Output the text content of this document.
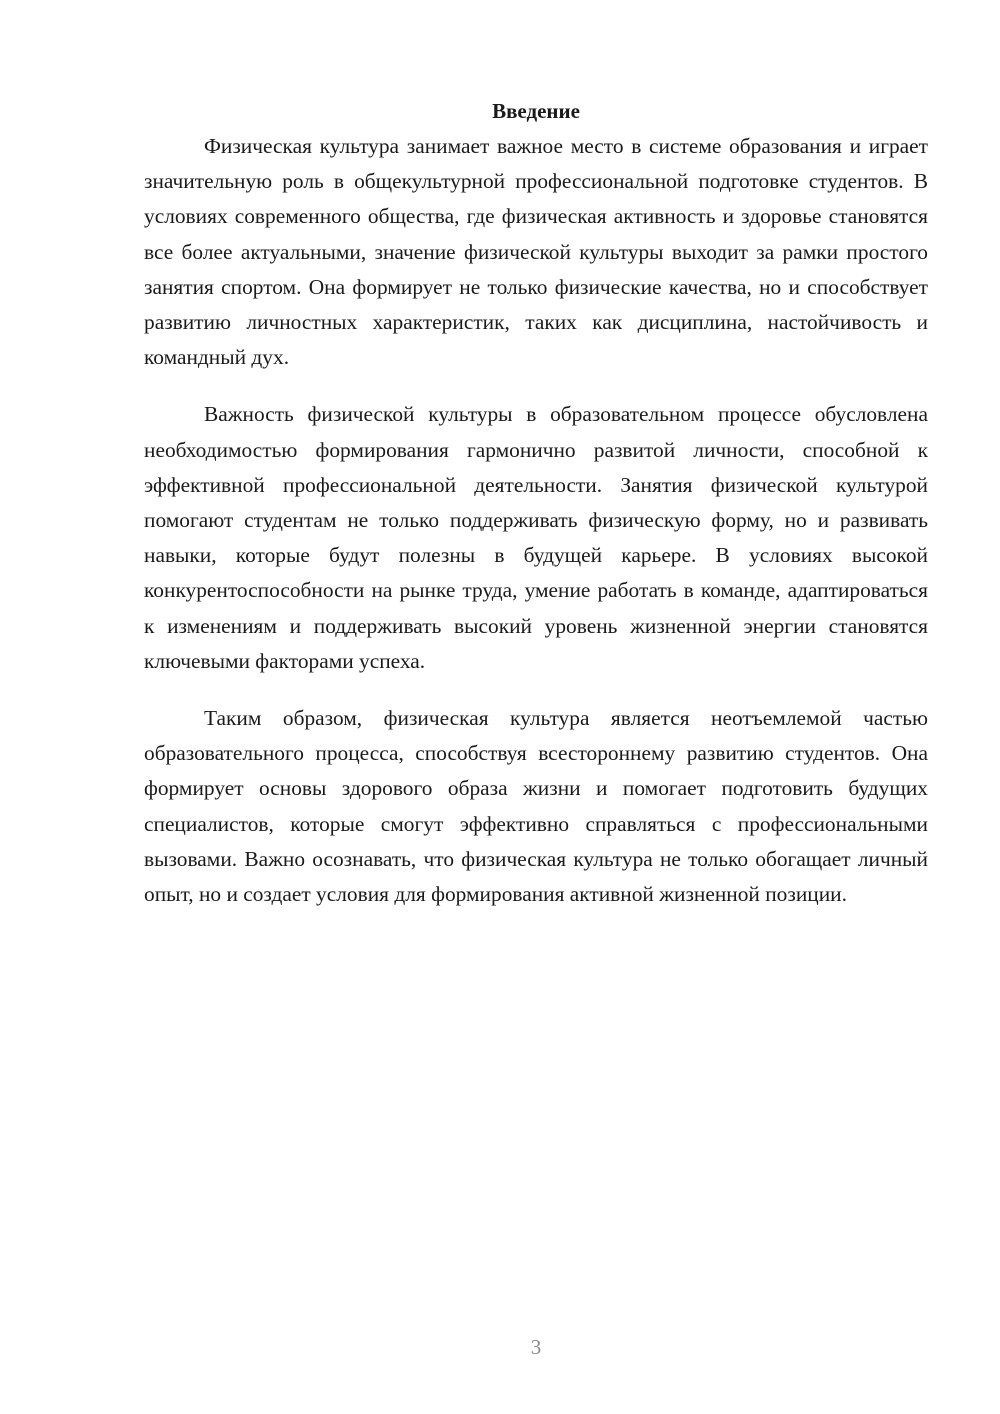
Введение

Физическая культура занимает важное место в системе образования и играет значительную роль в общекультурной профессиональной подготовке студентов. В условиях современного общества, где физическая активность и здоровье становятся все более актуальными, значение физической культуры выходит за рамки простого занятия спортом. Она формирует не только физические качества, но и способствует развитию личностных характеристик, таких как дисциплина, настойчивость и командный дух.

Важность физической культуры в образовательном процессе обусловлена необходимостью формирования гармонично развитой личности, способной к эффективной профессиональной деятельности. Занятия физической культурой помогают студентам не только поддерживать физическую форму, но и развивать навыки, которые будут полезны в будущей карьере. В условиях высокой конкурентоспособности на рынке труда, умение работать в команде, адаптироваться к изменениям и поддерживать высокий уровень жизненной энергии становятся ключевыми факторами успеха.

Таким образом, физическая культура является неотъемлемой частью образовательного процесса, способствуя всестороннему развитию студентов. Она формирует основы здорового образа жизни и помогает подготовить будущих специалистов, которые смогут эффективно справляться с профессиональными вызовами. Важно осознавать, что физическая культура не только обогащает личный опыт, но и создает условия для формирования активной жизненной позиции.

3
